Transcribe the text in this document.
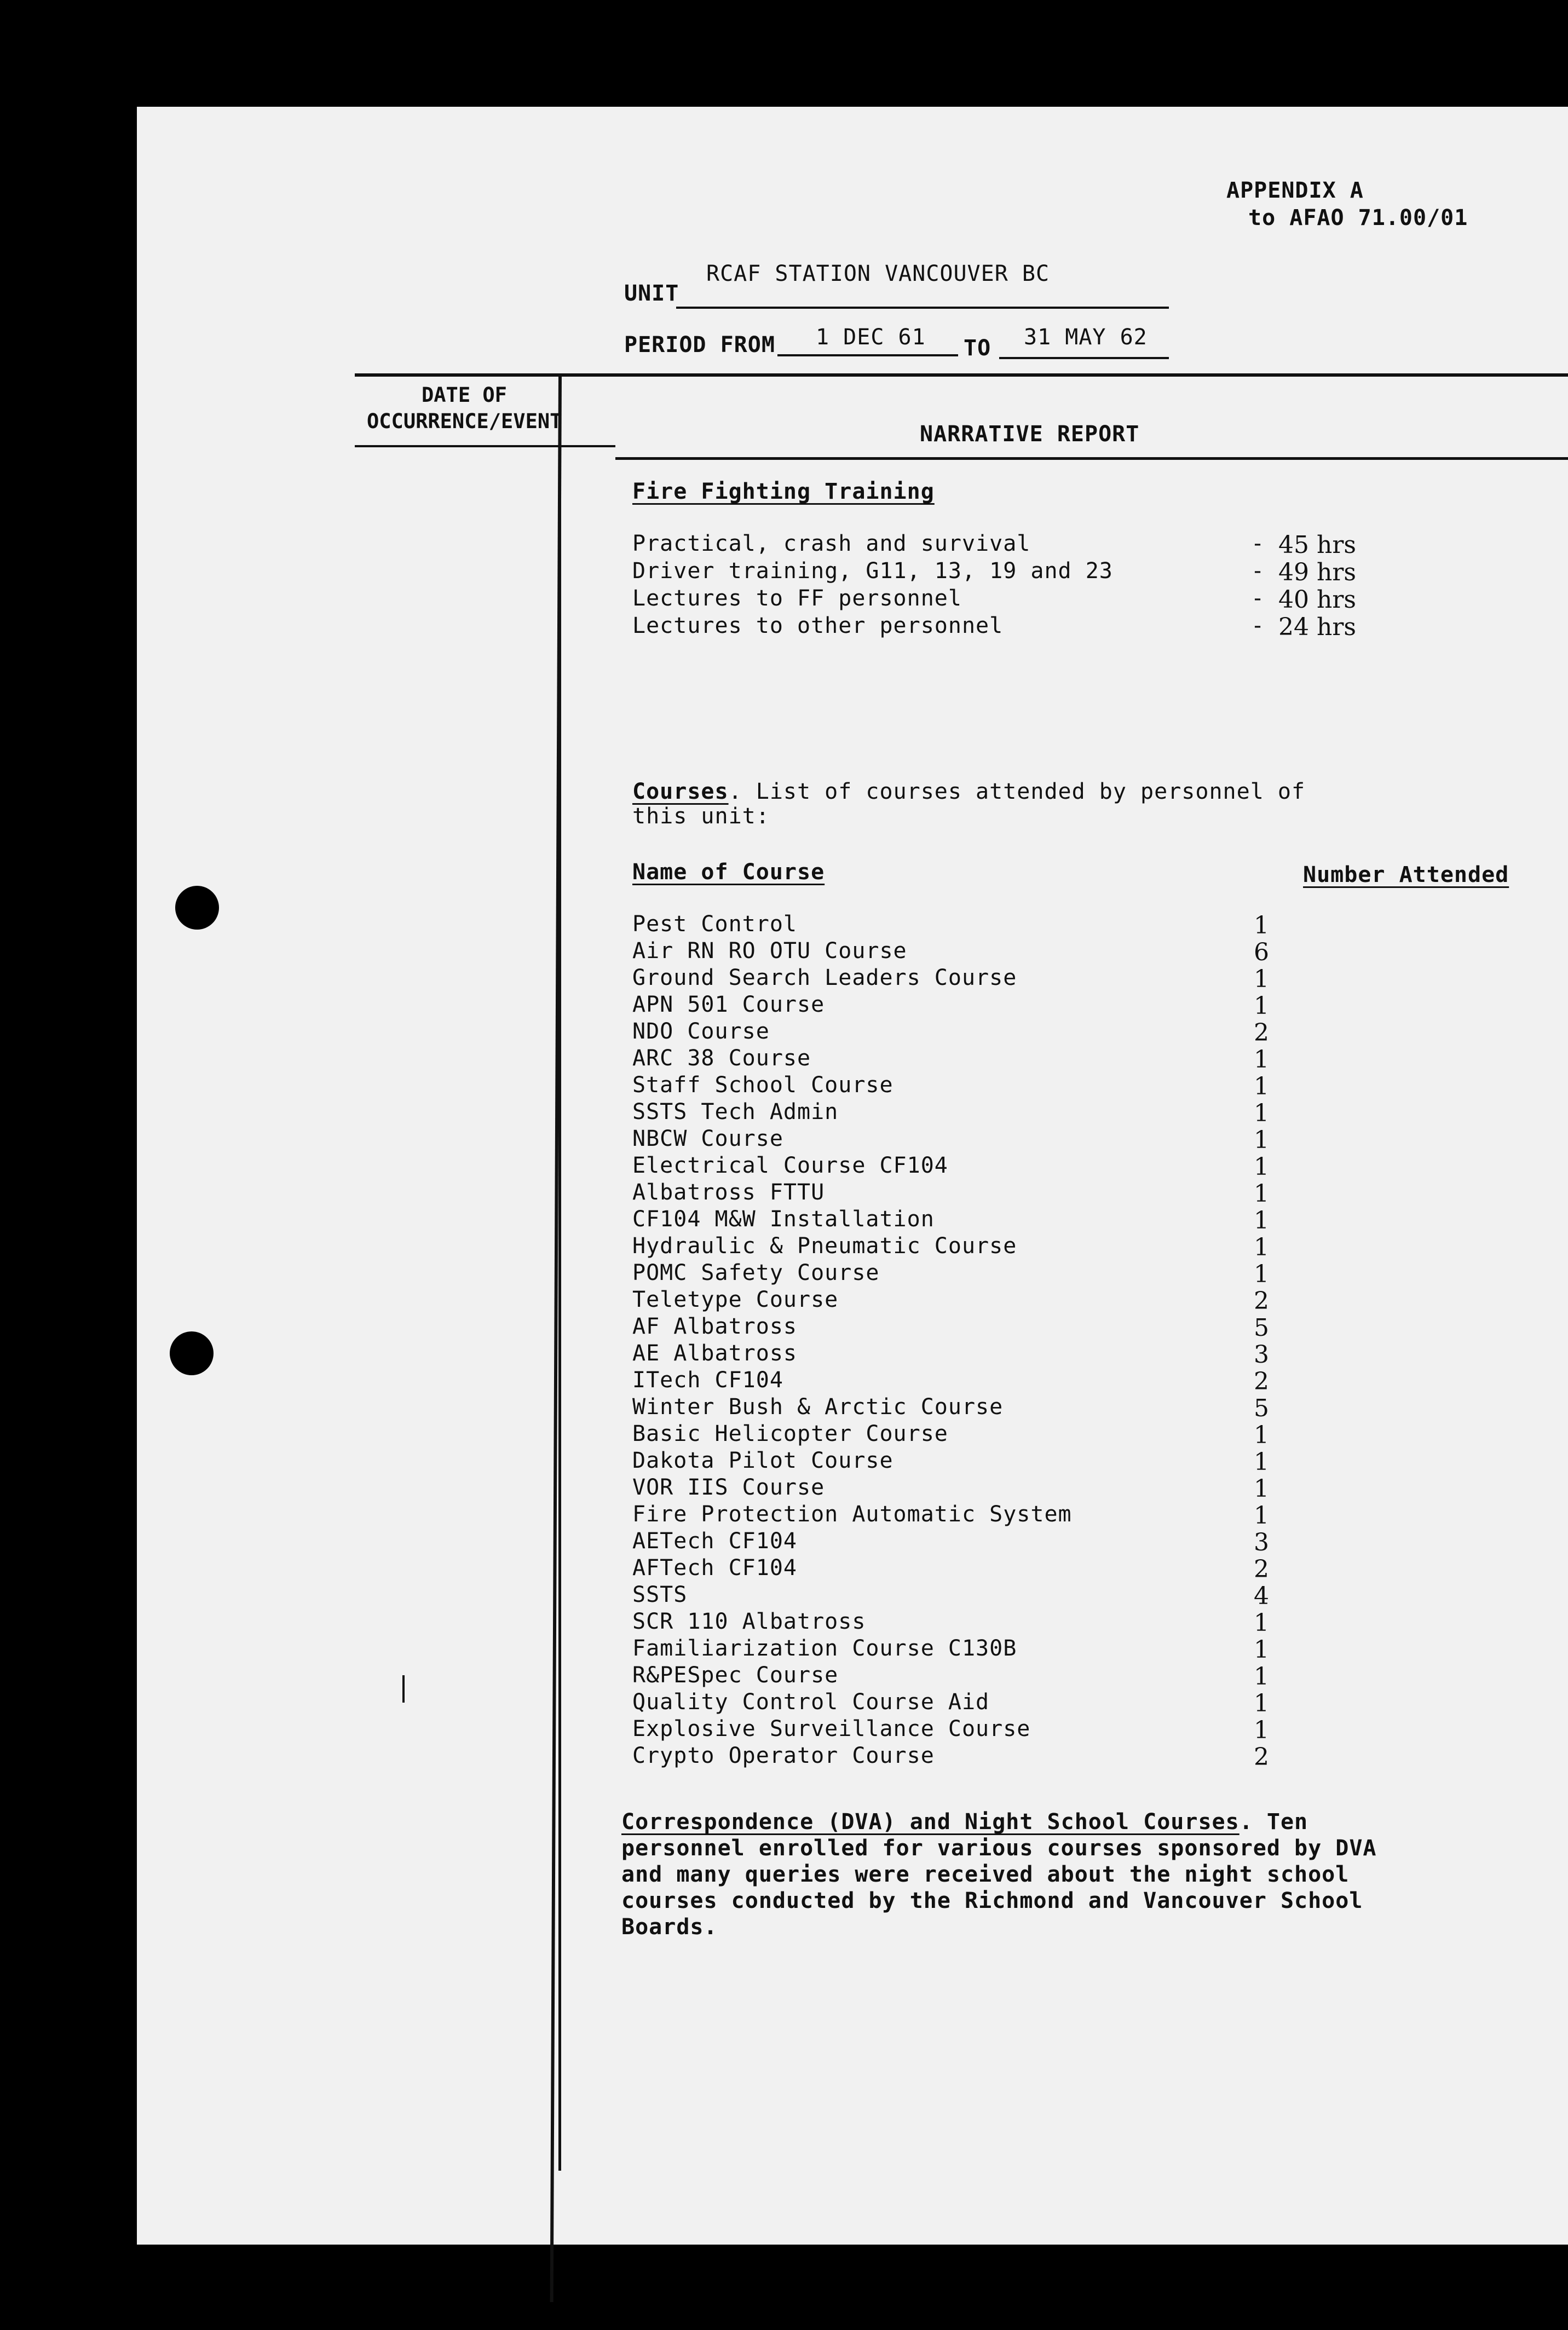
APPENDIX A
to AFAO 71.00/01
UNIT
RCAF STATION VANCOUVER BC
PERIOD FROM 1 DEC 61 TO 31 MAY 62
DATE OF
OCCURRENCE/EVENT
NARRATIVE REPORT
Fire Fighting Training
Practical, crash and survival	- 45 hrs
Driver training, G11, 13, 19 and 23	- 49 hrs
Lectures to FF personnel	- 40 hrs
Lectures to other personnel	- 24 hrs
Courses. List of courses attended by personnel of
this unit:
Name of Course	Number Attended
Pest Control	1
Air RN RO OTU Course	6
Ground Search Leaders Course	1
APN 501 Course	1
NDO Course	2
ARC 38 Course	1
Staff School Course	1
SSTS Tech Admin	1
NBCW Course	1
Electrical Course CF104	1
Albatross FTTU	1
CF104 M&W Installation	1
Hydraulic & Pneumatic Course	1
POMC Safety Course	1
Teletype Course	2
AF Albatross	5
AE Albatross	3
ITech CF104	2
Winter Bush & Arctic Course	5
Basic Helicopter Course	1
Dakota Pilot Course	1
VOR IIS Course	1
Fire Protection Automatic System	1
AETech CF104	3
AFTech CF104	2
SSTS	4
SCR 110 Albatross	1
Familiarization Course C130B	1
R&PESpec Course	1
Quality Control Course Aid	1
Explosive Surveillance Course	1
Crypto Operator Course	2
Correspondence (DVA) and Night School Courses. Ten
personnel enrolled for various courses sponsored by DVA
and many queries were received about the night school
courses conducted by the Richmond and Vancouver School
Boards.
